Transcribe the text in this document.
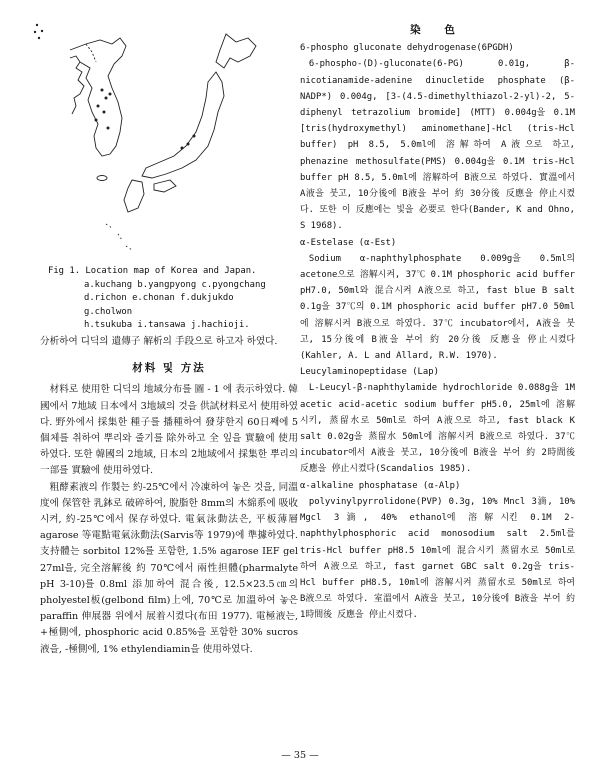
Fig 1. Location map of Korea and Japan.
a.kuchang b.yangpyong c.pyongchang
d.richon e.chonan f.dukjukdo g.cholwon
h.tsukuba i.tansawa j.hachioji.

分析하여 디딕의 遺傳子 解析의 手段으로 하고자 하였다.

材料 및 方法

材料로 使用한 디딕의 地域分布를 圖 - 1 에 表示하였다. 韓國에서 7地域 日本에서 3地域의 것을 供試材料로서 使用하였다. 野外에서 採集한 種子를 播種하여 發芽한지 60日째에 5個체를 취하여 뿌리와 줄기를 除外하고 全 잎을 實驗에 使用하였다. 또한 韓國의 2地域, 日本의 2地域에서 採集한 뿌리의 一部를 實驗에 使用하였다.

粗酵素液의 作製는 約-25℃에서 冷凍하여 놓은 것을, 同溫度에 保管한 乳鉢로 破碎하여, 脫脂한 8mm의 木綿系에 吸收시켜, 約-25℃에서 保存하였다. 電氣泳動法은, 平板薄層 agarose 等電點電氣泳動法(Sarvis等 1979)에 準據하였다. 支持體는 sorbitol 12%를 포함한, 1.5% agarose IEF gel 27ml을, 完全溶解後 約 70℃에서 兩性担體(pharmalyte pH 3-10)를 0.8ml 添加하여 混合後, 12.5×23.5㎝의 pholyestel板(gelbond film)上에, 70℃로 加溫하여 놓은 paraffin 伸展器 위에서 展着시켰다(布田 1977). 電極液는, +極側에, phosphoric acid 0.85%을 포함한 30% sucros液을, -極側에, 1% ethylendiamin을 使用하였다.

染 色

6-phospho gluconate dehydrogenase(6PGDH)

6-phospho-(D)-gluconate(6-PG) 0.01g, β-nicotianamide-adenine dinucletide phosphate (β-NADP*) 0.004g, [3-(4.5-dimethylthiazol-2-yl)-2, 5-diphenyl tetrazolium bromide] (MTT) 0.004g을 0.1M [tris(hydroxymethyl) aminomethane]-Hcl (tris-Hcl buffer) pH 8.5, 5.0ml에 溶解하여 A液으로 하고, phenazine methosulfate(PMS) 0.004g을 0.1M tris-Hcl buffer pH 8.5, 5.0ml에 溶解하여 B液으로 하였다. 實溫에서 A液을 붓고, 10分後에 B液을 부어 約 30分後 反應을 停止시켰다. 또한 이 反應에는 빛을 必要로 한다(Bander, K and Ohno, S 1968).

α-Estelase (α-Est)

Sodium α-naphthylphosphate 0.009g을 0.5ml의 acetone으로 溶解시켜, 37℃ 0.1M phosphoric acid buffer pH7.0, 50ml와 混合시켜 A液으로 하고, fast blue B salt 0.1g을 37℃의 0.1M phosphoric acid buffer pH7.0 50ml에 溶解시켜 B液으로 하였다. 37℃ incubator에서, A液을 붓고, 15分後에 B液을 부어 約 20分後 反應을 停止시켰다(Kahler, A. L and Allard, R.W. 1970).

Leucylaminopeptidase (Lap)

L-Leucyl-β-naphthylamide hydrochloride 0.088g을 1M acetic acid-acetic sodium buffer pH5.0, 25ml에 溶解시키, 蒸留水로 50ml로 하여 A液으로 하고, fast black K salt 0.02g을 蒸留水 50ml에 溶解시켜 B液으로 하였다. 37℃ incubator에서 A液을 붓고, 10分後에 B液을 부어 約 2時間後 反應을 停止시켰다(Scandalios 1985).

α-alkaline phosphatase (α-Alp)

polyvinylpyrrolidone(PVP) 0.3g, 10% Mncl 3滴, 10% Mgcl 3滴, 40% ethanol에 溶解시킨 0.1M 2-naphthylphosphoric acid monosodium salt 2.5ml를 tris-Hcl buffer pH8.5 10ml에 混合시키 蒸留水로 50ml로 하여 A液으로 하고, fast garnet GBC salt 0.2g을 tris-Hcl buffer pH8.5, 10ml에 溶解시켜 蒸留水로 50ml로 하여 B液으로 하였다. 室溫에서 A液을 붓고, 10分後에 B液을 부어 約 1時間後 反應을 停止시켰다.

— 35 —
